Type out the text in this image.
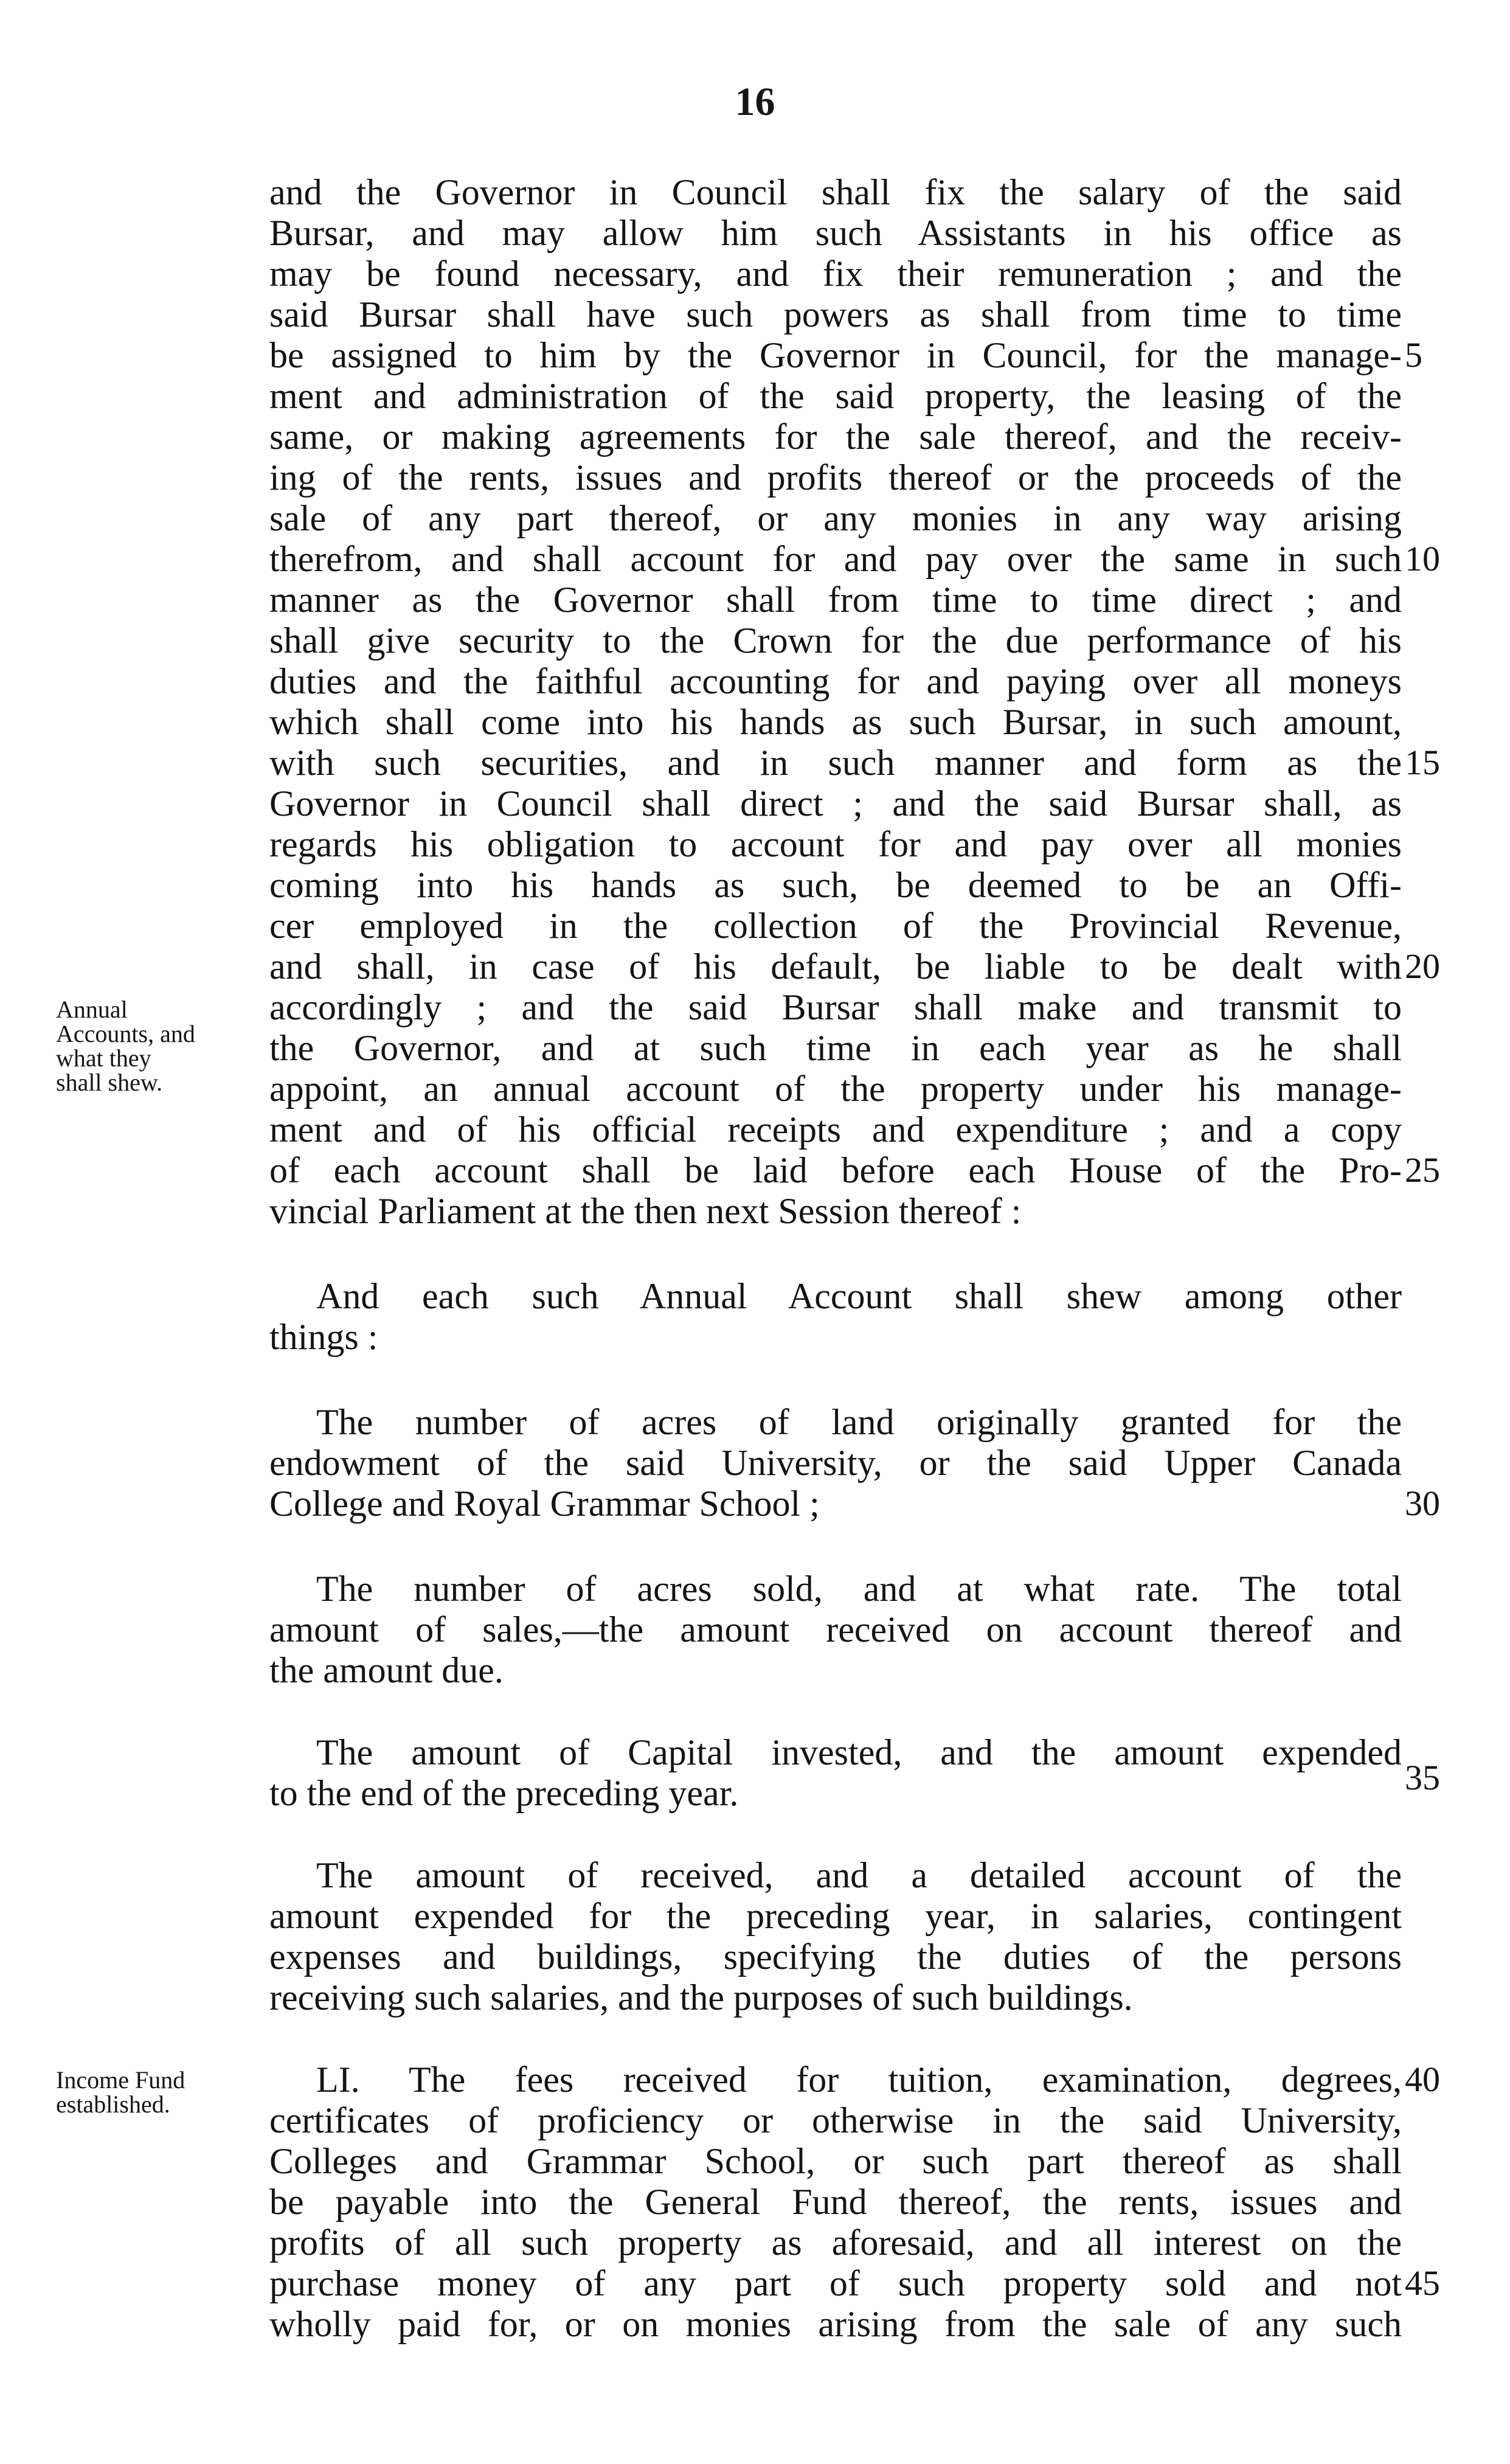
16
and the Governor in Council shall fix the salary of the said
Bursar, and may allow him such Assistants in his office as
may be found necessary, and fix their remuneration ; and the
said Bursar shall have such powers as shall from time to time
be assigned to him by the Governor in Council, for the manage-
ment and administration of the said property, the leasing of the
same, or making agreements for the sale thereof, and the receiv-
ing of the rents, issues and profits thereof or the proceeds of the
sale of any part thereof, or any monies in any way arising
therefrom, and shall account for and pay over the same in such
manner as the Governor shall from time to time direct ; and
shall give security to the Crown for the due performance of his
duties and the faithful accounting for and paying over all moneys
which shall come into his hands as such Bursar, in such amount,
with such securities, and in such manner and form as the
Governor in Council shall direct ; and the said Bursar shall, as
regards his obligation to account for and pay over all monies
coming into his hands as such, be deemed to be an Offi-
cer employed in the collection of the Provincial Revenue,
and shall, in case of his default, be liable to be dealt with
accordingly ; and the said Bursar shall make and transmit to
the Governor, and at such time in each year as he shall
appoint, an annual account of the property under his manage-
ment and of his official receipts and expenditure ; and a copy
of each account shall be laid before each House of the Pro-
vincial Parliament at the then next Session thereof :
And each such Annual Account shall shew among other
things :
The number of acres of land originally granted for the
endowment of the said University, or the said Upper Canada
College and Royal Grammar School ;
The number of acres sold, and at what rate. The total
amount of sales,—the amount received on account thereof and
the amount due.
The amount of Capital invested, and the amount expended
to the end of the preceding year.
The amount of received, and a detailed account of the
amount expended for the preceding year, in salaries, contingent
expenses and buildings, specifying the duties of the persons
receiving such salaries, and the purposes of such buildings.
LI. The fees received for tuition, examination, degrees,
certificates of proficiency or otherwise in the said University,
Colleges and Grammar School, or such part thereof as shall
be payable into the General Fund thereof, the rents, issues and
profits of all such property as aforesaid, and all interest on the
purchase money of any part of such property sold and not
wholly paid for, or on monies arising from the sale of any such
5
10
15
20
25
30
35
40
45
Annual
Accounts, and
what they
shall shew.
Income Fund
established.
